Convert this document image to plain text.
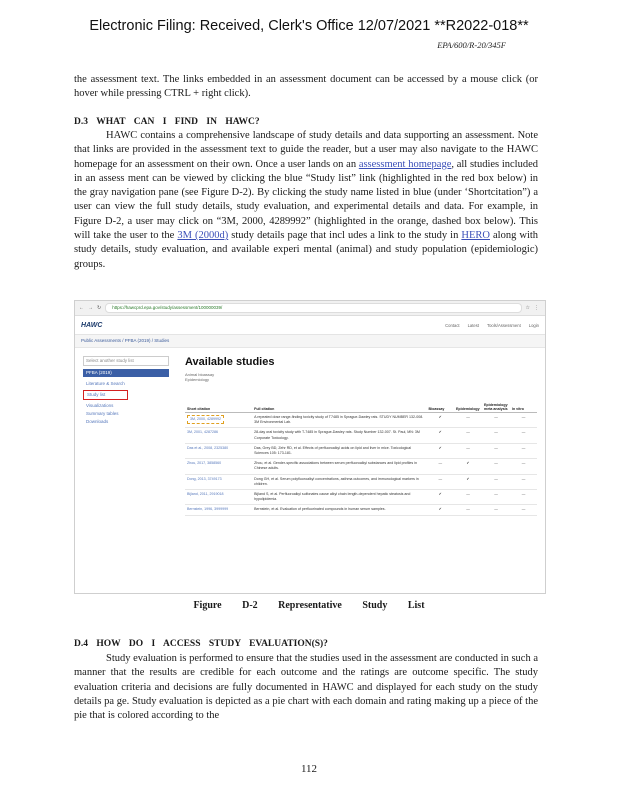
Electronic Filing: Received, Clerk's Office 12/07/2021 **R2022-018**
EPA/600/R-20/345F

the assessment text. The links embedded in an assessment document can be accessed by a mouse click (or hover while pressing CTRL + right click).

D.3 WHAT CAN I FIND IN HAWC?

HAWC contains a comprehensive landscape of study details and data supporting an assessment. Note that links are provided in the assessment text to guide the reader, but a user may also navigate to the HAWC homepage for an assessment on their own. Once a user lands on an assessment homepage, all studies included in an assess ment can be viewed by clicking the blue “Study list” link (highlighted in the red box below) in the gray navigation pane (see Figure D-2). By clicking the study name listed in blue (under ‘Shortcitation”) a user can view the full study details, study evaluation, and experimental details and data. For example, in Figure D-2, a user may click on “3M, 2000, 4289992” (highlighted in the orange, dashed box below). This will take the user to the 3M (2000d) study details page that incl udes a link to the study in HERO along with study details, study evaluation, and available experi mental (animal) and study population (epidemiologic) groups.

← → ↻	https://hawcprd.epa.gov/study/assessment/100000039/	☆ ⋮
HAWC	Contact Latest Tools/Assessment Login
Public Assessments / PFBA (2019) / Studies
Select another study list
PFBA (2019)
Literature & Search
Study list
Visualizations
Summary tables
Downloads
Available studies
Animal bioassay
Epidemiology
Short citation	Full citation	Bioassay	Epidemiology	Epidemiology meta analysis	In vitro
3M, 2000, 4289992	A repeated dose range-finding toxicity study of T7485 in Sprague-Dawley rats. STUDY NUMBER 132-008. 3M Environmental Lab.	✔	—	—	—
3M, 2001, 4287286	28-day oral toxicity study with T-7485 in Sprague-Dawley rats. Study Number 132-007. St. Paul, MN: 3M Corporate Toxicology.	✔	—	—	—
Das et al., 2008, 2325380	Das, Grey BD, Zehr RD, et al. Effects of perfluoroalkyl acids on lipid and liver in mice. Toxicological Sciences 105: 173-181.	✔	—	—	—
Zhou, 2017, 3858560	Zhou, et al. Gender-specific associations between serum perfluoroalkyl substances and lipid profiles in Chinese adults.	—	✔	—	—
Dong, 2013, 3749173	Dong GH, et al. Serum polyfluoroalkyl concentrations, asthma outcomes, and immunological markers in children.	—	✔	—	—
Bijland, 2011, 2919018	Bijland S, et al. Perfluoroalkyl sulfonates cause alkyl chain length-dependent hepatic steatosis and hypolipidemia.	✔	—	—	—
Bernstein, 1996, 3999999	Bernstein, et al. Evaluation of perfluorinated compounds in human serum samples.	✔	—	—	—
Figure D-2 Representative Study List

D.4 HOW DO I ACCESS STUDY EVALUATION(S)?

Study evaluation is performed to ensure that the studies used in the assessment are conducted in such a manner that the results are credible for each outcome and the ratings are outcome specific. The study evaluation criteria and decisions are fully documented in HAWC and displayed for each study on the study details pa ge. Study evaluation is depicted as a pie chart with each domain and rating making up a piece of the pie that is colored according to the

112
